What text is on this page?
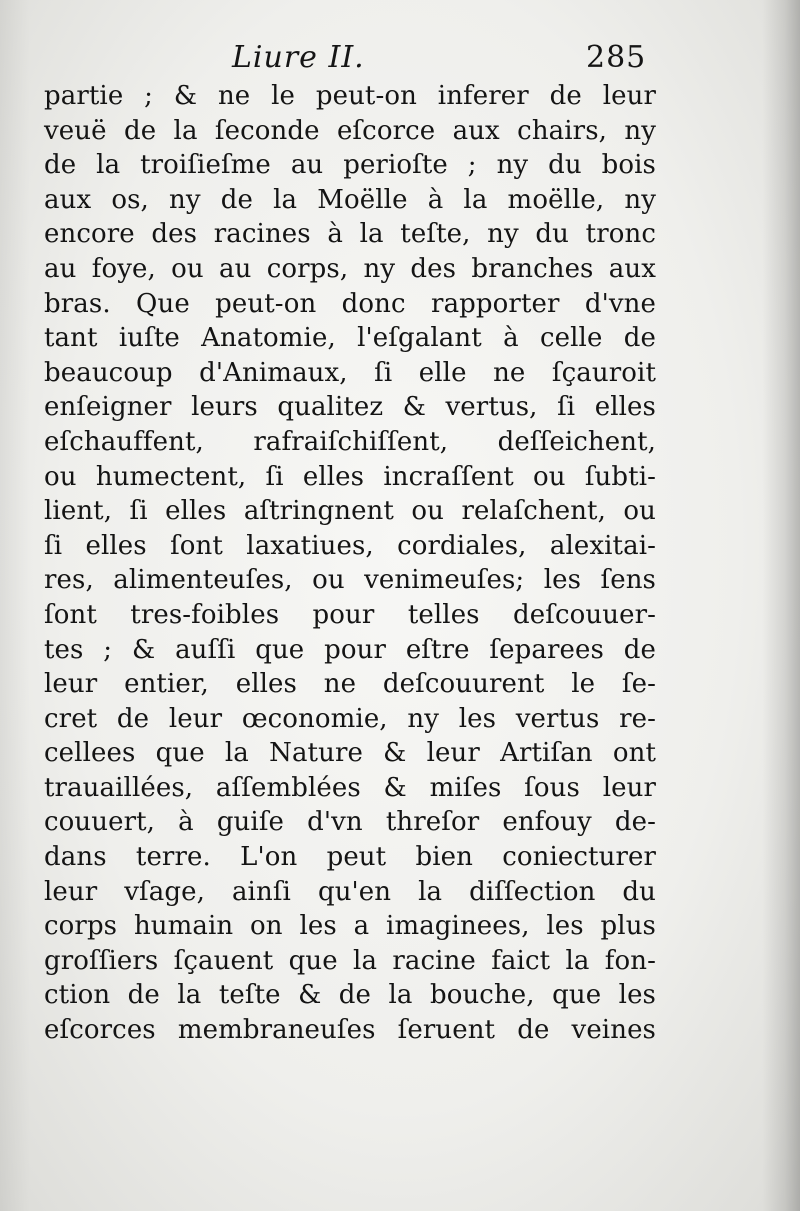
Liure II.	285
partie ; & ne le peut-on inferer de leur
veuë de la ſeconde eſcorce aux chairs, ny
de la troiſieſme au perioſte ; ny du bois
aux os, ny de la Moëlle à la moëlle, ny
encore des racines à la teſte, ny du tronc
au foye, ou au corps, ny des branches aux
bras. Que peut-on donc rapporter d'vne
tant iuſte Anatomie, l'eſgalant à celle de
beaucoup d'Animaux, ſi elle ne ſçauroit
enſeigner leurs qualitez & vertus, ſi elles
eſchauffent, rafraiſchiſſent, deſſeichent,
ou humectent, ſi elles incraſſent ou ſubti-
lient, ſi elles aſtringnent ou relaſchent, ou
ſi elles ſont laxatiues, cordiales, alexitai-
res, alimenteuſes, ou venimeuſes; les ſens
ſont tres-foibles pour telles deſcouuer-
tes ; & auſſi que pour eſtre ſeparees de
leur entier, elles ne deſcouurent le ſe-
cret de leur œconomie, ny les vertus re-
cellees que la Nature & leur Artiſan ont
trauaillées, aſſemblées & miſes ſous leur
couuert, à guiſe d'vn threſor enfouy de-
dans terre. L'on peut bien coniecturer
leur vſage, ainſi qu'en la diſſection du
corps humain on les a imaginees, les plus
groſſiers ſçauent que la racine faict la fon-
ction de la teſte & de la bouche, que les
eſcorces membraneuſes ſeruent de veines
